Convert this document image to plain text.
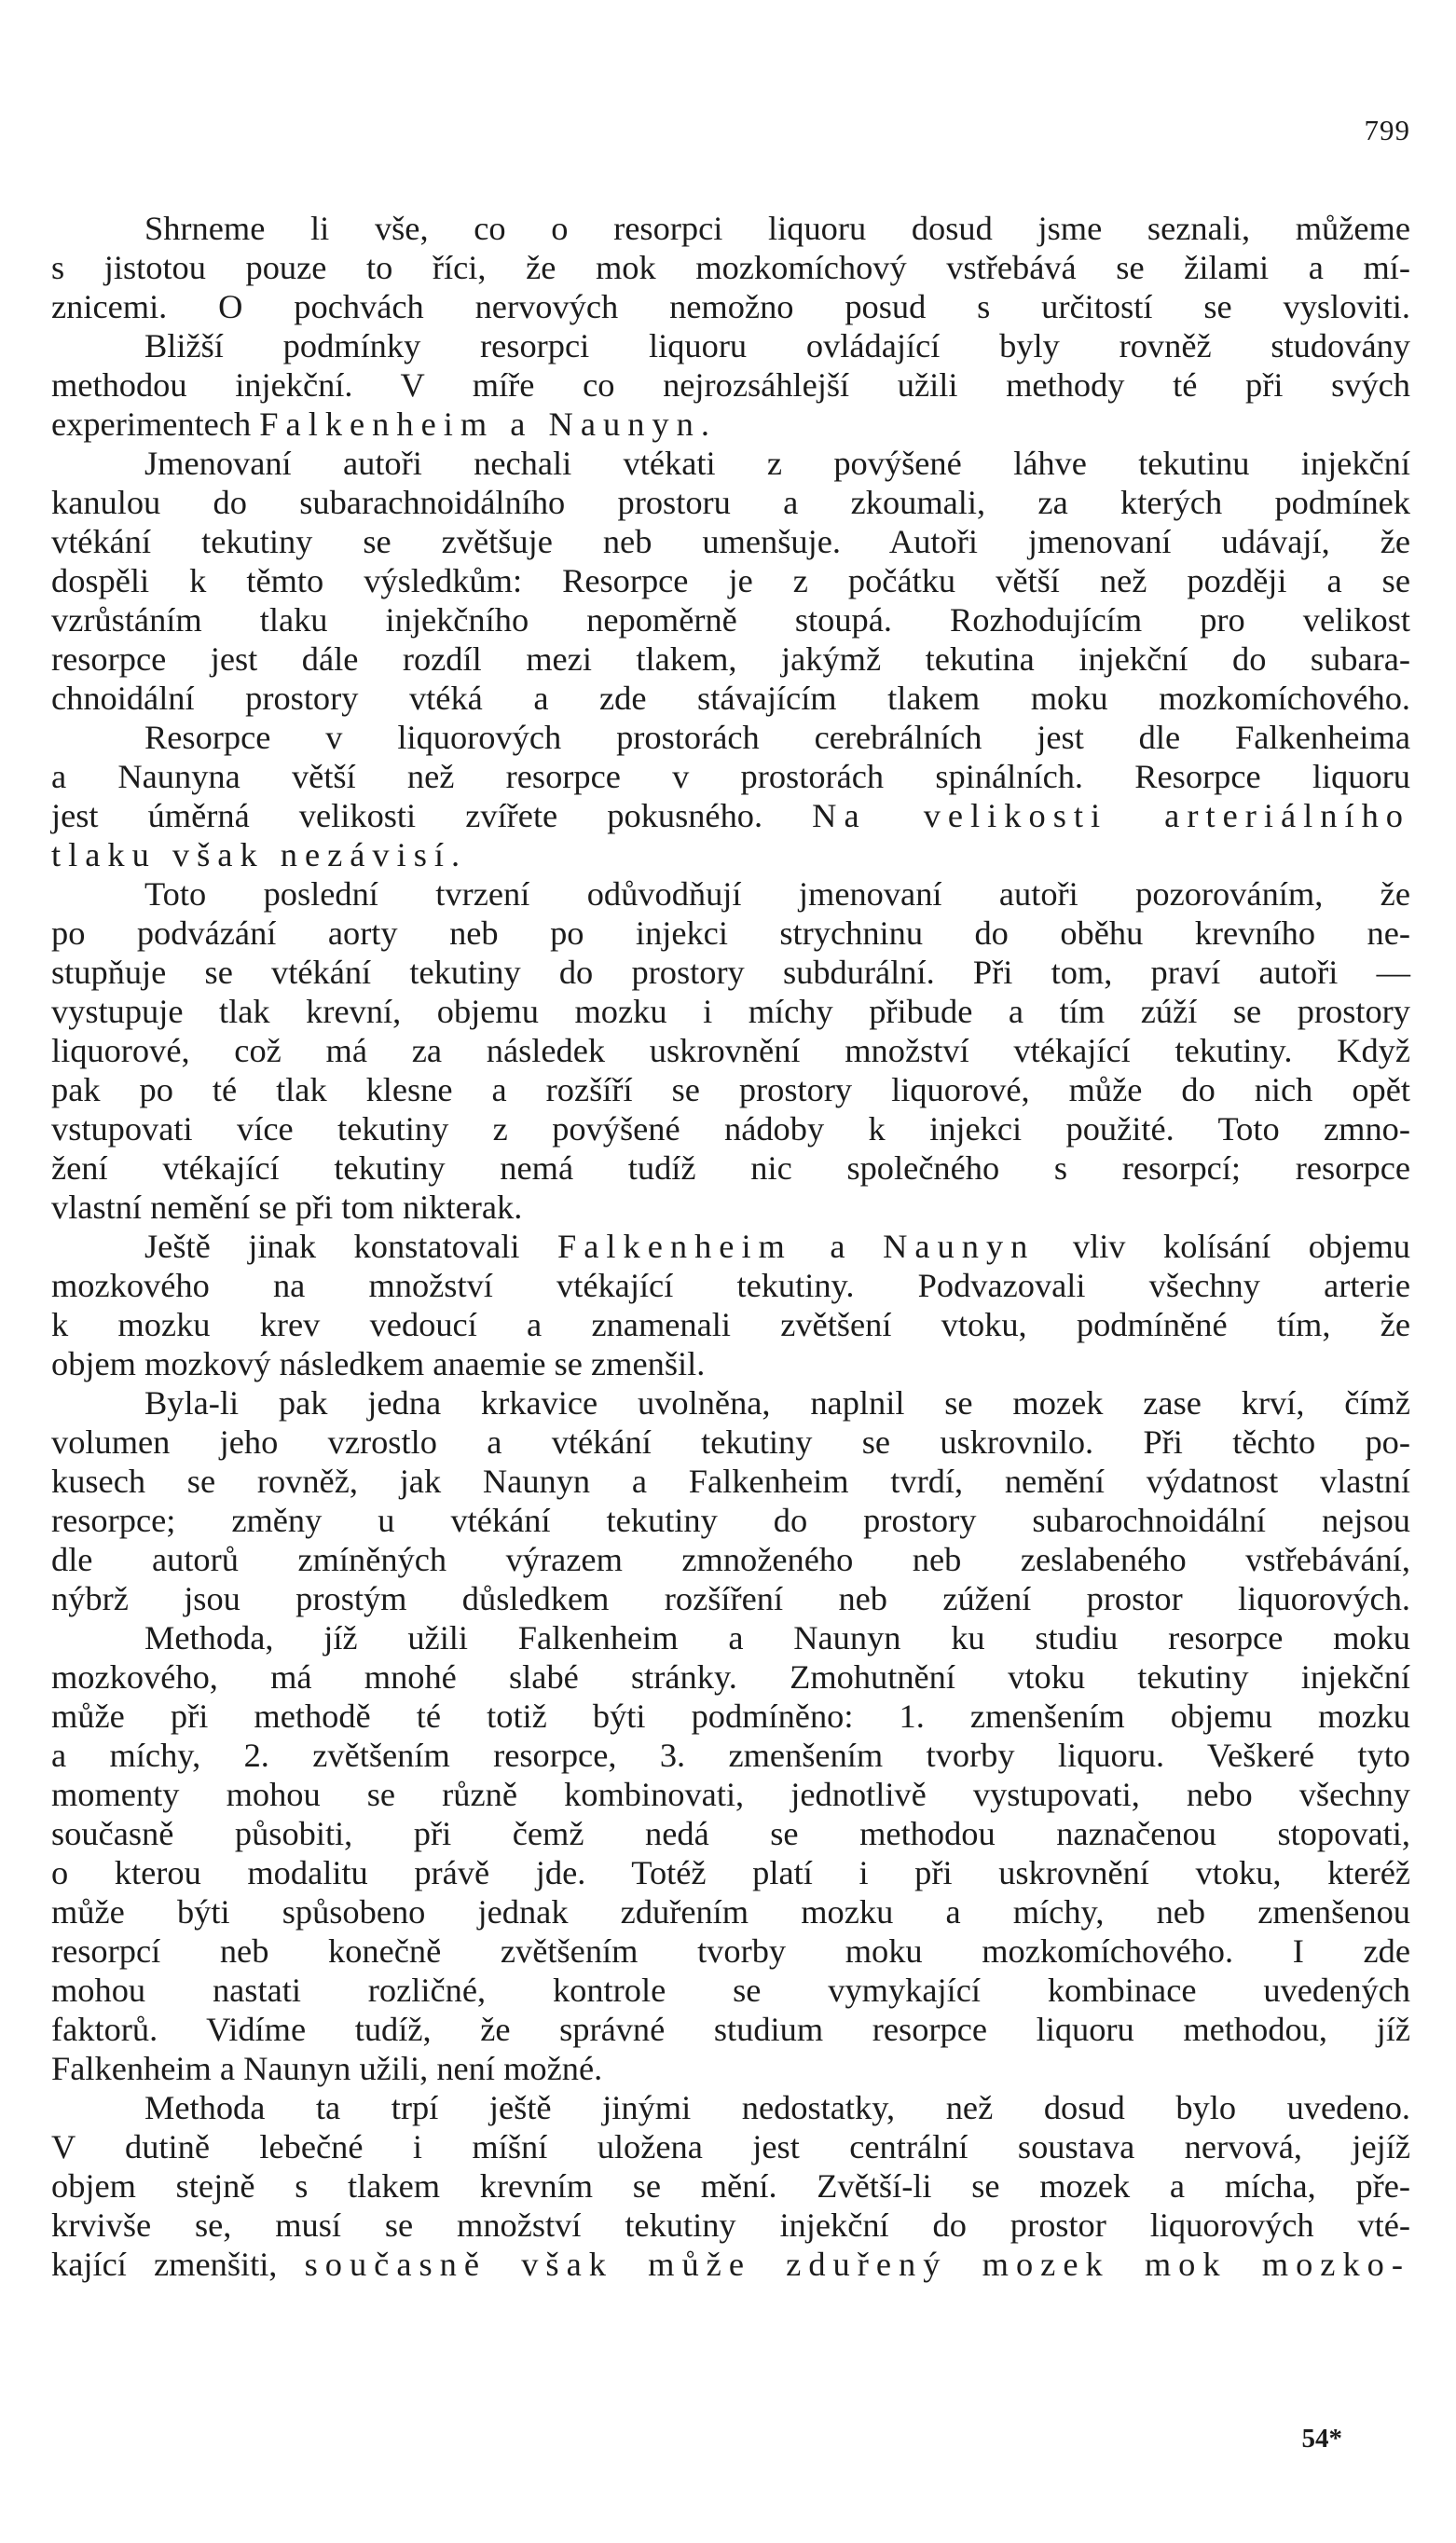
799
Shrneme li vše, co o resorpci liquoru dosud jsme seznali, můžeme
s jistotou pouze to říci, že mok mozkomíchový vstřebává se žilami a mí-
znicemi. O pochvách nervových nemožno posud s určitostí se vysloviti.
Bližší podmínky resorpci liquoru ovládající byly rovněž studovány
methodou injekční. V míře co nejrozsáhlejší užili methody té při svých
experimentech Falkenheim a Naunyn.
Jmenovaní autoři nechali vtékati z povýšené láhve tekutinu injekční
kanulou do subarachnoidálního prostoru a zkoumali, za kterých podmínek
vtékání tekutiny se zvětšuje neb umenšuje. Autoři jmenovaní udávají, že
dospěli k těmto výsledkům: Resorpce je z počátku větší než později a se
vzrůstáním tlaku injekčního nepoměrně stoupá. Rozhodujícím pro velikost
resorpce jest dále rozdíl mezi tlakem, jakýmž tekutina injekční do subara-
chnoidální prostory vtéká a zde stávajícím tlakem moku mozkomíchového.
Resorpce v liquorových prostorách cerebrálních jest dle Falkenheima
a Naunyna větší než resorpce v prostorách spinálních. Resorpce liquoru
jest úměrná velikosti zvířete pokusného. Na velikosti arteriálního
tlaku však nezávisí.
Toto poslední tvrzení odůvodňují jmenovaní autoři pozorováním, že
po podvázání aorty neb po injekci strychninu do oběhu krevního ne-
stupňuje se vtékání tekutiny do prostory subdurální. Při tom, praví autoři —
vystupuje tlak krevní, objemu mozku i míchy přibude a tím zúží se prostory
liquorové, což má za následek uskrovnění množství vtékající tekutiny. Když
pak po té tlak klesne a rozšíří se prostory liquorové, může do nich opět
vstupovati více tekutiny z povýšené nádoby k injekci použité. Toto zmno-
žení vtékající tekutiny nemá tudíž nic společného s resorpcí; resorpce
vlastní nemění se při tom nikterak.
Ještě jinak konstatovali Falkenheim a Naunyn vliv kolísání objemu
mozkového na množství vtékající tekutiny. Podvazovali všechny arterie
k mozku krev vedoucí a znamenali zvětšení vtoku, podmíněné tím, že
objem mozkový následkem anaemie se zmenšil.
Byla-li pak jedna krkavice uvolněna, naplnil se mozek zase krví, čímž
volumen jeho vzrostlo a vtékání tekutiny se uskrovnilo. Při těchto po-
kusech se rovněž, jak Naunyn a Falkenheim tvrdí, nemění výdatnost vlastní
resorpce; změny u vtékání tekutiny do prostory subarochnoidální nejsou
dle autorů zmíněných výrazem zmnoženého neb zeslabeného vstřebávání,
nýbrž jsou prostým důsledkem rozšíření neb zúžení prostor liquorových.
Methoda, jíž užili Falkenheim a Naunyn ku studiu resorpce moku
mozkového, má mnohé slabé stránky. Zmohutnění vtoku tekutiny injekční
může při methodě té totiž býti podmíněno: 1. zmenšením objemu mozku
a míchy, 2. zvětšením resorpce, 3. zmenšením tvorby liquoru. Veškeré tyto
momenty mohou se různě kombinovati, jednotlivě vystupovati, nebo všechny
současně působiti, při čemž nedá se methodou naznačenou stopovati,
o kterou modalitu právě jde. Totéž platí i při uskrovnění vtoku, kteréž
může býti spůsobeno jednak zduřením mozku a míchy, neb zmenšenou
resorpcí neb konečně zvětšením tvorby moku mozkomíchového. I zde
mohou nastati rozličné, kontrole se vymykající kombinace uvedených
faktorů. Vidíme tudíž, že správné studium resorpce liquoru methodou, jíž
Falkenheim a Naunyn užili, není možné.
Methoda ta trpí ještě jinými nedostatky, než dosud bylo uvedeno.
V dutině lebečné i míšní uložena jest centrální soustava nervová, jejíž
objem stejně s tlakem krevním se mění. Zvětší-li se mozek a mícha, pře-
krvivše se, musí se množství tekutiny injekční do prostor liquorových vté-
kající zmenšiti, současně však může zduřený mozek mok mozko-
54*
